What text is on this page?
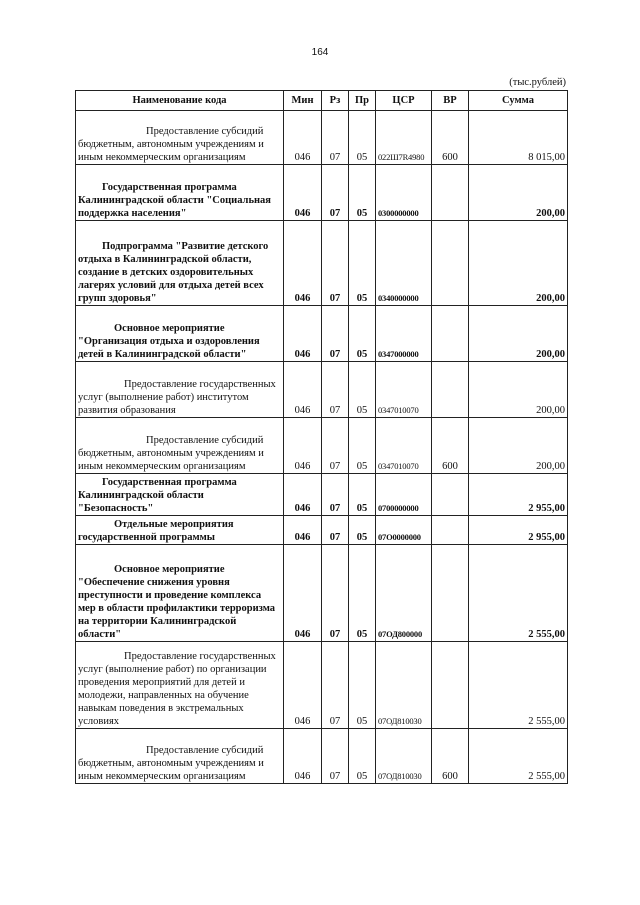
164
(тыс.рублей)
Наименование кода	Мин	Рз	Пр	ЦСР	ВР	Сумма

Предоставление субсидий бюджетным, автономным учреждениям и иным некоммерческим организациям	046	07	05	022Ш7R4980	600	8 015,00

Государственная программа Калининградской области "Социальная поддержка населения"	046	07	05	0300000000		200,00

Подпрограмма "Развитие детского отдыха в Калининградской области, создание в детских оздоровительных лагерях условий для отдыха детей всех групп здоровья"	046	07	05	0340000000		200,00

Основное мероприятие "Организация отдыха и оздоровления детей в Калининградской области"	046	07	05	0347000000		200,00

Предоставление государственных услуг (выполнение работ) институтом развития образования	046	07	05	0347010070		200,00

Предоставление субсидий бюджетным, автономным учреждениям и иным некоммерческим организациям	046	07	05	0347010070	600	200,00

Государственная программа Калининградской области "Безопасность"	046	07	05	0700000000		2 955,00

Отдельные мероприятия государственной программы	046	07	05	07О0000000		2 955,00

Основное мероприятие "Обеспечение снижения уровня преступности и проведение комплекса мер в области профилактики терроризма на территории Калининградской области"	046	07	05	07ОД800000		2 555,00

Предоставление государственных услуг (выполнение работ) по организации проведения мероприятий для детей и молодежи, направленных на обучение навыкам поведения в экстремальных условиях	046	07	05	07ОД810030		2 555,00

Предоставление субсидий бюджетным, автономным учреждениям и иным некоммерческим организациям	046	07	05	07ОД810030	600	2 555,00
